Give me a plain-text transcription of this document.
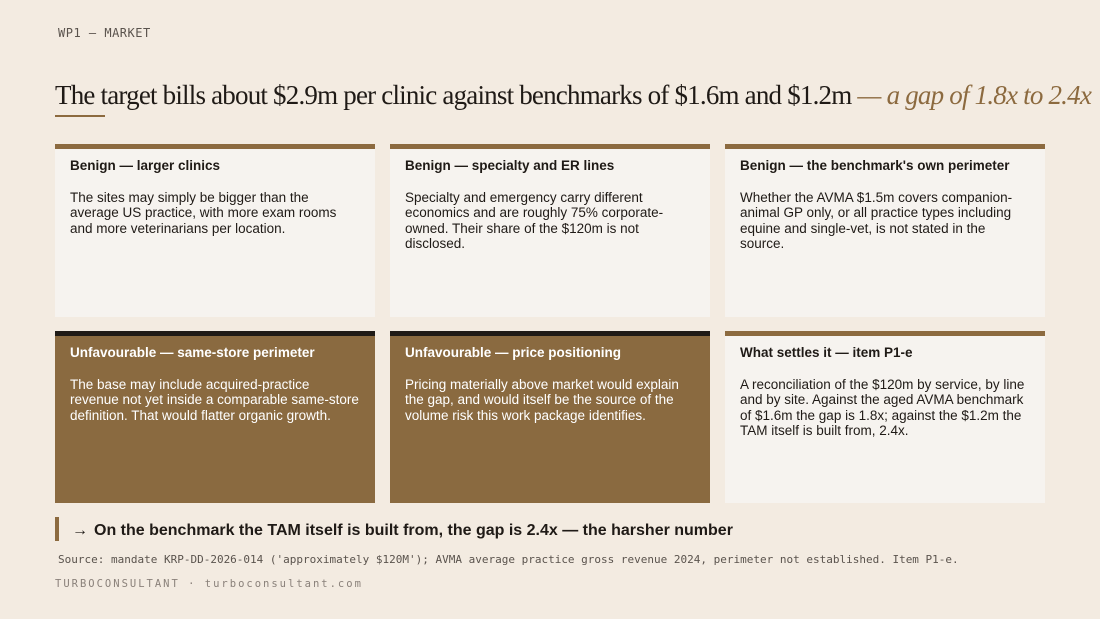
WP1 — MARKET
The target bills about $2.9m per clinic against benchmarks of $1.6m and $1.2m — a gap of 1.8x to 2.4x
Benign — larger clinics
The sites may simply be bigger than the average US practice, with more exam rooms and more veterinarians per location.
Benign — specialty and ER lines
Specialty and emergency carry different economics and are roughly 75% corporate-owned. Their share of the $120m is not disclosed.
Benign — the benchmark's own perimeter
Whether the AVMA $1.5m covers companion-animal GP only, or all practice types including equine and single-vet, is not stated in the source.
Unfavourable — same-store perimeter
The base may include acquired-practice revenue not yet inside a comparable same-store definition. That would flatter organic growth.
Unfavourable — price positioning
Pricing materially above market would explain the gap, and would itself be the source of the volume risk this work package identifies.
What settles it — item P1-e
A reconciliation of the $120m by service, by line and by site. Against the aged AVMA benchmark of $1.6m the gap is 1.8x; against the $1.2m the TAM itself is built from, 2.4x.
→ On the benchmark the TAM itself is built from, the gap is 2.4x — the harsher number
Source: mandate KRP-DD-2026-014 ('approximately $120M'); AVMA average practice gross revenue 2024, perimeter not established. Item P1-e.
TURBOCONSULTANT · turboconsultant.com
